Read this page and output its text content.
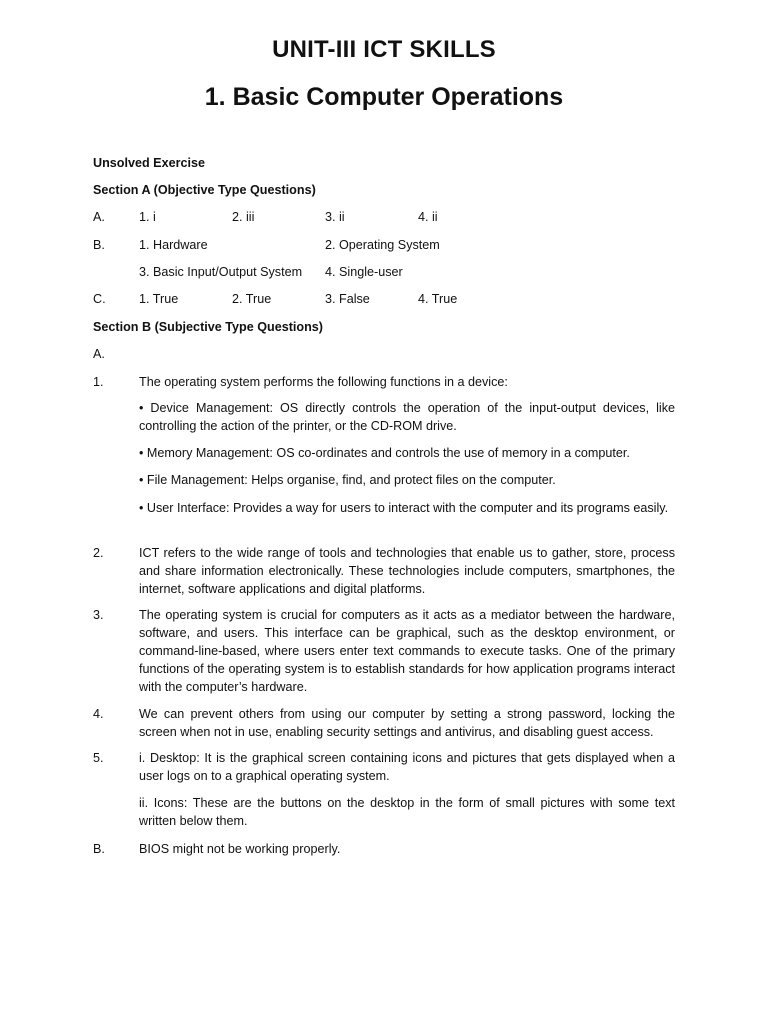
UNIT-III ICT SKILLS
1. Basic Computer Operations
Unsolved Exercise
Section A (Objective Type Questions)
A.	1. i	2. iii	3. ii	4. ii
B.	1. Hardware	2. Operating System
3. Basic Input/Output System 4. Single-user
C.	1. True	2. True	3. False	4. True
Section B (Subjective Type Questions)
A.
1.	The operating system performs the following functions in a device:
• Device Management: OS directly controls the operation of the input-output devices, like controlling the action of the printer, or the CD-ROM drive.
• Memory Management: OS co-ordinates and controls the use of memory in a computer.
• File Management: Helps organise, find, and protect files on the computer.
• User Interface: Provides a way for users to interact with the computer and its programs easily.
2.	ICT refers to the wide range of tools and technologies that enable us to gather, store, process and share information electronically. These technologies include computers, smartphones, the internet, software applications and digital platforms.
3.	The operating system is crucial for computers as it acts as a mediator between the hardware, software, and users. This interface can be graphical, such as the desktop environment, or command-line-based, where users enter text commands to execute tasks. One of the primary functions of the operating system is to establish standards for how application programs interact with the computer’s hardware.
4.	We can prevent others from using our computer by setting a strong password, locking the screen when not in use, enabling security settings and antivirus, and disabling guest access.
5.	i. Desktop: It is the graphical screen containing icons and pictures that gets displayed when a user logs on to a graphical operating system.
ii. Icons: These are the buttons on the desktop in the form of small pictures with some text written below them.
B.	BIOS might not be working properly.
